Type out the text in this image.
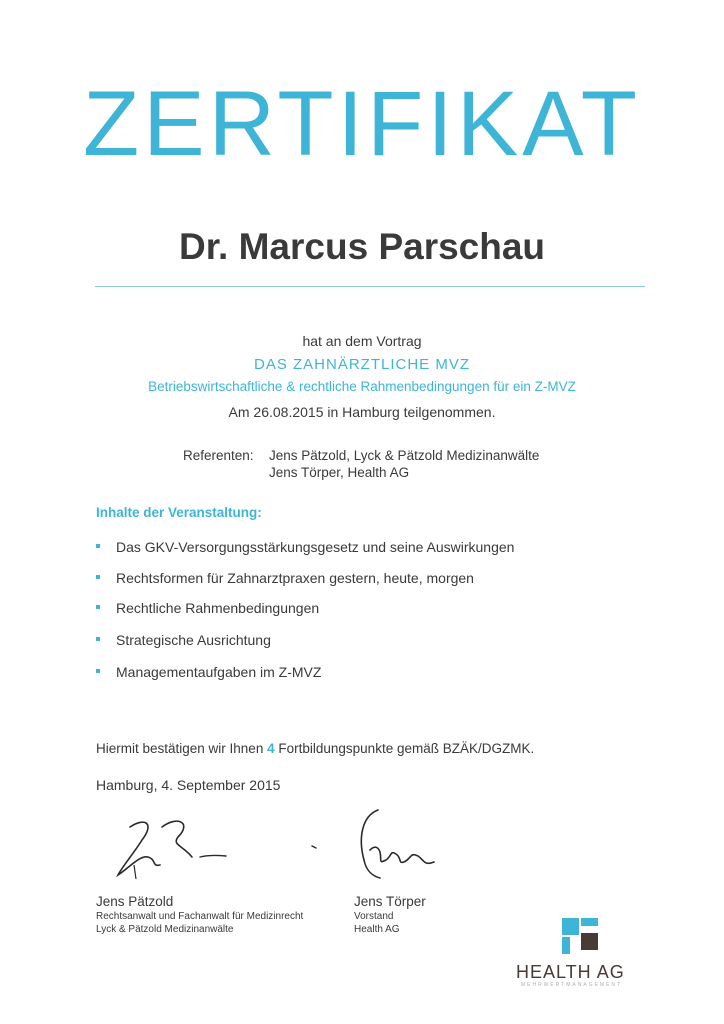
ZERTIFIKAT
Dr. Marcus Parschau
hat an dem Vortrag
DAS ZAHNÄRZTLICHE MVZ
Betriebswirtschaftliche & rechtliche Rahmenbedingungen für ein Z-MVZ
Am 26.08.2015 in Hamburg teilgenommen.
Referenten: Jens Pätzold, Lyck & Pätzold Medizinanwälte
Jens Törper, Health AG
Inhalte der Veranstaltung:
Das GKV-Versorgungsstärkungsgesetz und seine Auswirkungen
Rechtsformen für Zahnarztpraxen gestern, heute, morgen
Rechtliche Rahmenbedingungen
Strategische Ausrichtung
Managementaufgaben im Z-MVZ
Hiermit bestätigen wir Ihnen 4 Fortbildungspunkte gemäß BZÄK/DGZMK.
Hamburg, 4. September 2015
Jens Pätzold
Rechtsanwalt und Fachanwalt für Medizinrecht
Lyck & Pätzold Medizinanwälte
Jens Törper
Vorstand
Health AG
HEALTH AG
MEHRWERTMANAGEMENT
